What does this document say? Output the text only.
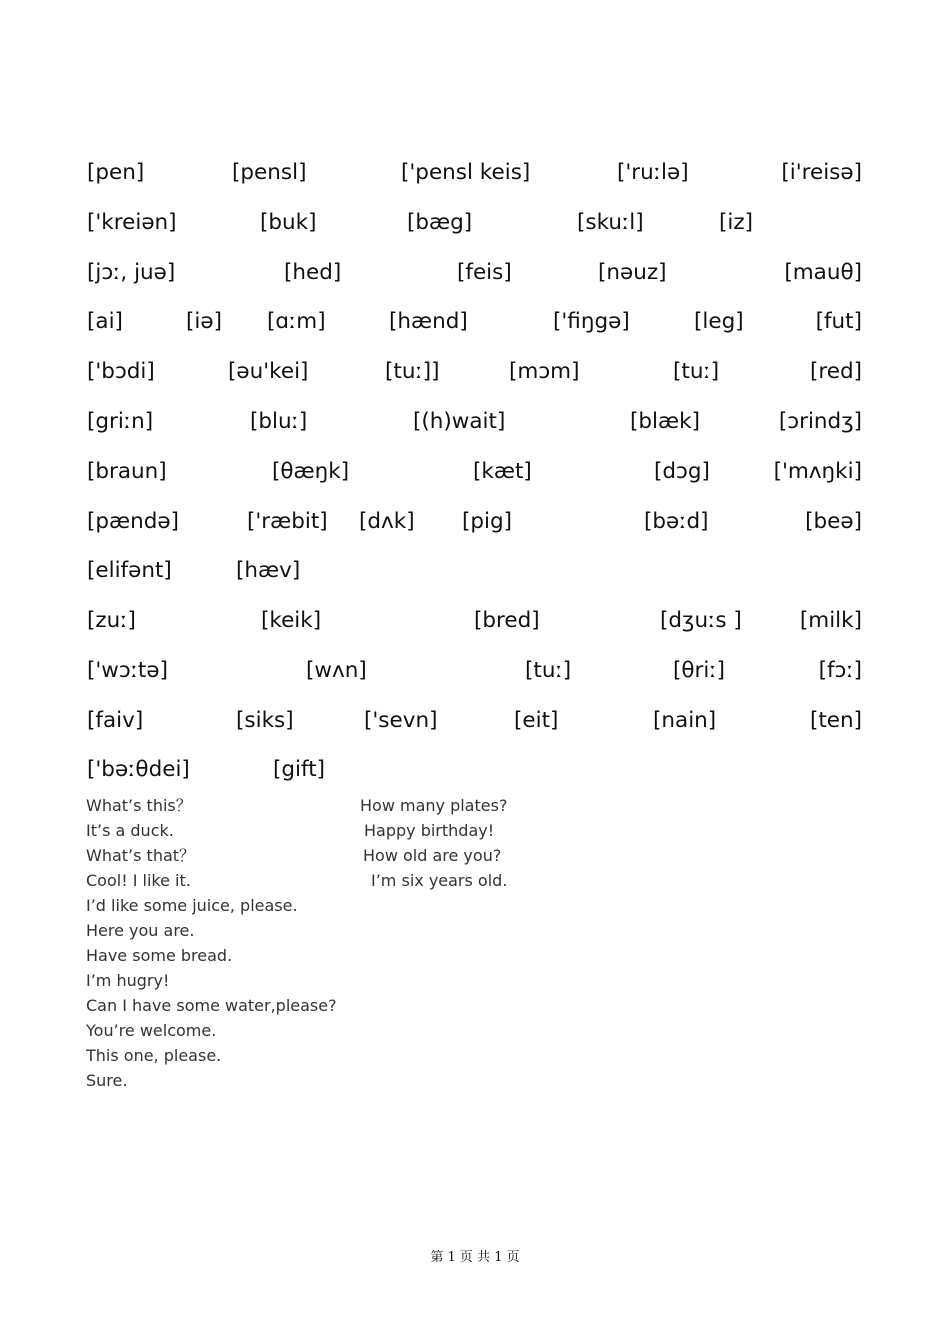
[pen]	[pensl]	['pensl keis]	['ruːlə]	[i'reisə]
['kreiən]	[buk]	[bæg]	[skuːl]	[iz]
[jɔː, juə]	[hed]	[feis]	[nəuz]	[mauθ]
[ai]	[iə] [ɑːm]	[hænd]	['fiŋgə]	[leg]	[fut]
['bɔdi]	[əu'kei]	[tuː]]	[mɔm]	[tuː]	[red]
[griːn]	[bluː]	[(h)wait]	[blæk]	[ɔrindʒ]
[braun]	[θæŋk]	[kæt]	[dɔg]	['mʌŋki]
[pændə]	['ræbit] [dʌk] [pig]	[bəːd]	[beə]
[elifənt]	[hæv]
[zuː]	[keik]	[bred]	[dʒuːs ]	[milk]
['wɔːtə]	[wʌn]	[tuː]	[θriː]	[fɔː]
[faiv]	[siks]	['sevn]	[eit]	[nain]	[ten]
['bəːθdei]	[gift]
What’s this？
It’s a duck.
What’s that？
Cool! I like it.
I’d like some juice, please.
Here you are.
Have some bread.
I’m hugry!
Can I have some water,please?
You’re welcome.
This one, please.
Sure.
How many plates?
Happy birthday!
How old are you?
I’m six years old.
第 1 页 共 1 页
